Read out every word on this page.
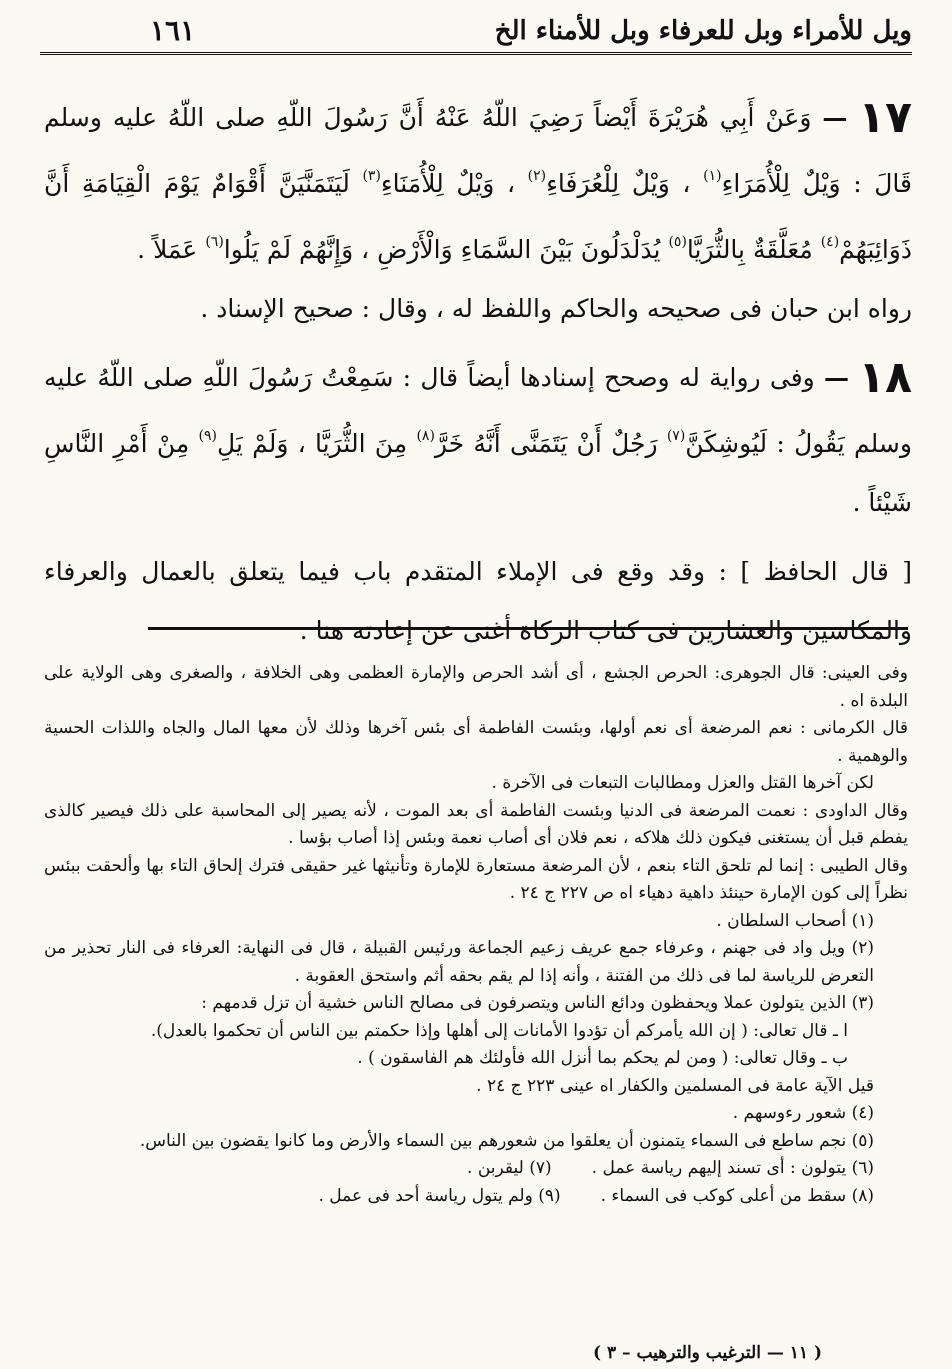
ويل للأمراء وبل للعرفاء وبل للأمناء الخ
١٦١

١٧ — وَعَنْ أَبِي هُرَيْرَةَ أَيْضاً رَضِيَ اللّهُ عَنْهُ أَنَّ رَسُولَ اللّهِ صلى اللّهُ عليه وسلم قَالَ : وَيْلٌ لِلْأُمَرَاءِ$^{(١)}$ ، وَيْلٌ لِلْعُرَفَاءِ$^{(٢)}$ ، وَيْلٌ لِلْأُمَنَاءِ$^{(٣)}$ لَيَتَمَنَّيَنَّ أَقْوَامٌ يَوْمَ الْقِيَامَةِ أَنَّ ذَوَائِبَهُمْ$^{(٤)}$ مُعَلَّقَةٌ بِالثُّرَيَّا$^{(٥)}$ يُدَلْدَلُونَ بَيْنَ السَّمَاءِ وَالْأَرْضِ ، وَإِنَّهُمْ لَمْ يَلُوا$^{(٦)}$ عَمَلاً .

رواه ابن حبان فى صحيحه والحاكم واللفظ له ، وقال : صحيح الإسناد .

١٨ — وفى رواية له وصحح إسنادها أيضاً قال : سَمِعْتُ رَسُولَ اللّهِ صلى اللّهُ عليه وسلم يَقُولُ : لَيُوشِكَنَّ$^{(٧)}$ رَجُلٌ أَنْ يَتَمَنَّى أَنَّهُ خَرَّ$^{(٨)}$ مِنَ الثُّرَيَّا ، وَلَمْ يَلِ$^{(٩)}$ مِنْ أَمْرِ النَّاسِ شَيْئاً .

[ قال الحافظ ] : وقد وقع فى الإملاء المتقدم باب فيما يتعلق بالعمال والعرفاء والمكاسين والعشارين فى كتاب الزكاة أغنى عن إعادته هنا .

وفى العينى: قال الجوهرى: الحرص الجشع ، أى أشد الحرص والإمارة العظمى وهى الخلافة ، والصغرى وهى الولاية على البلدة اه .

قال الكرمانى : نعم المرضعة أى نعم أولها، وبئست الفاطمة أى بئس آخرها وذلك لأن معها المال والجاه واللذات الحسية والوهمية .

لكن آخرها القتل والعزل ومطالبات التبعات فى الآخرة .

وقال الداودى : نعمت المرضعة فى الدنيا وبئست الفاطمة أى بعد الموت ، لأنه يصير إلى المحاسبة على ذلك فيصير كالذى يفطم قبل أن يستغنى فيكون ذلك هلاكه ، نعم فلان أى أصاب نعمة وبئس إذا أصاب بؤسا .

وقال الطيبى : إنما لم تلحق التاء بنعم ، لأن المرضعة مستعارة للإمارة وتأنيثها غير حقيقى فترك إلحاق التاء بها وألحقت ببئس نظراً إلى كون الإمارة حينئذ داهية دهياء اه ص ٢٢٧ ج ٢٤ .

(١) أصحاب السلطان .

(٢) ويل واد فى جهنم ، وعرفاء جمع عريف زعيم الجماعة ورئيس القبيلة ، قال فى النهاية: العرفاء فى النار تحذير من التعرض للرياسة لما فى ذلك من الفتنة ، وأنه إذا لم يقم بحقه أثم واستحق العقوبة .

(٣) الذين يتولون عملا ويحفظون ودائع الناس ويتصرفون فى مصالح الناس خشية أن تزل قدمهم :

ا ـ قال تعالى: ( إن الله يأمركم أن تؤدوا الأمانات إلى أهلها وإذا حكمتم بين الناس أن تحكموا بالعدل).

ب ـ وقال تعالى: ( ومن لم يحكم بما أنزل الله فأولئك هم الفاسقون ) .

قيل الآية عامة فى المسلمين والكفار اه عينى ٢٢٣ ج ٢٤ .

(٤) شعور رءوسهم .

(٥) نجم ساطع فى السماء يتمنون أن يعلقوا من شعورهم بين السماء والأرض وما كانوا يقضون بين الناس.

(٦) يتولون : أى تسند إليهم رياسة عمل .(٧) ليقربن .

(٨) سقط من أعلى كوكب فى السماء .(٩) ولم يتول رياسة أحد فى عمل .

( ١١ — الترغيب والترهيب – ٣ )
